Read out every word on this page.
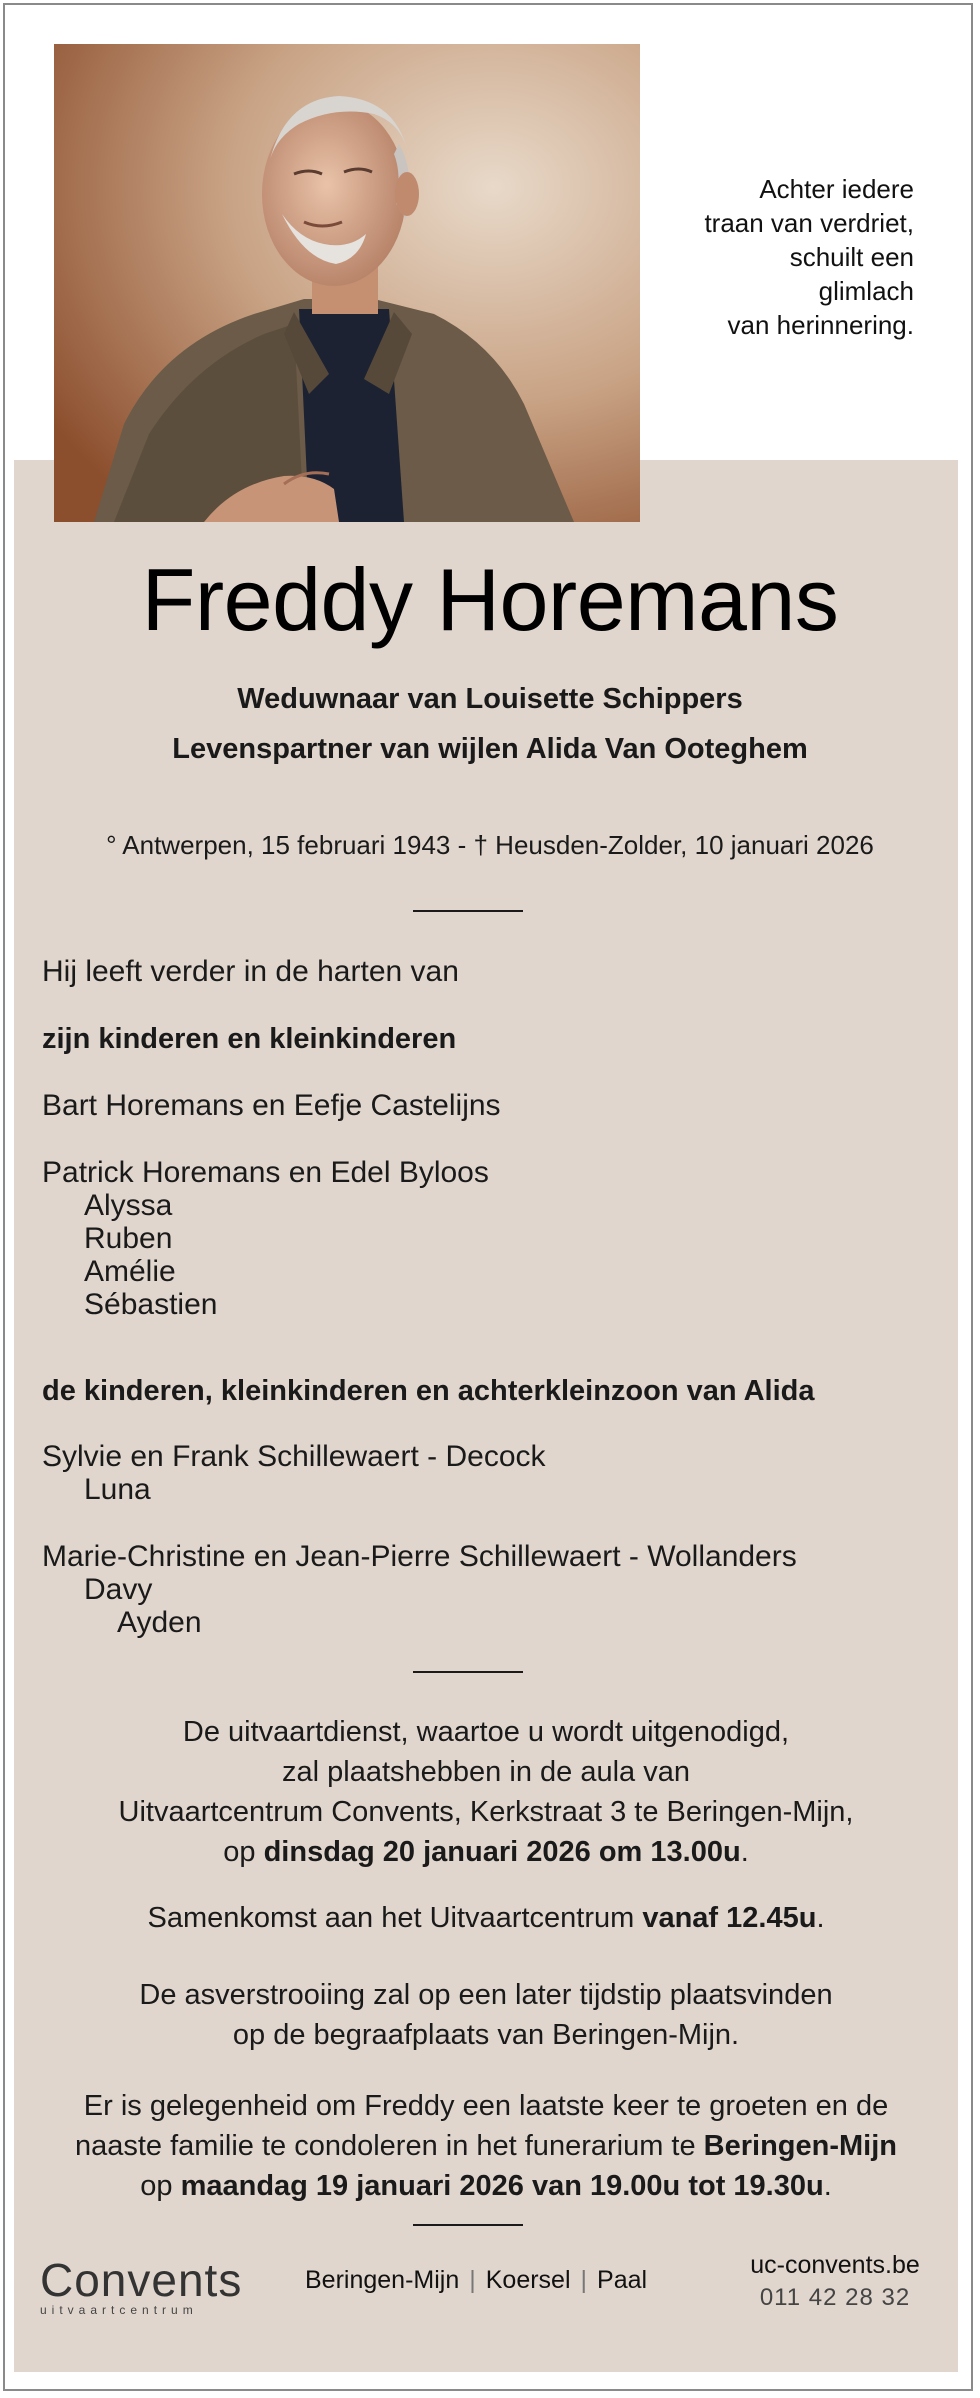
Achter iedere
traan van verdriet,
schuilt een
glimlach
van herinnering.
Freddy Horemans
Weduwnaar van Louisette Schippers
Levenspartner van wijlen Alida Van Ooteghem
° Antwerpen, 15 februari 1943 - † Heusden-Zolder, 10 januari 2026
Hij leeft verder in de harten van
zijn kinderen en kleinkinderen
Bart Horemans en Eefje Castelijns
Patrick Horemans en Edel Byloos
Alyssa
Ruben
Amélie
Sébastien
de kinderen, kleinkinderen en achterkleinzoon van Alida
Sylvie en Frank Schillewaert - Decock
Luna
Marie-Christine en Jean-Pierre Schillewaert - Wollanders
Davy
Ayden
De uitvaartdienst, waartoe u wordt uitgenodigd,
zal plaatshebben in de aula van
Uitvaartcentrum Convents, Kerkstraat 3 te Beringen-Mijn,
op dinsdag 20 januari 2026 om 13.00u.
Samenkomst aan het Uitvaartcentrum vanaf 12.45u.
De asverstrooiing zal op een later tijdstip plaatsvinden
op de begraafplaats van Beringen-Mijn.
Er is gelegenheid om Freddy een laatste keer te groeten en de
naaste familie te condoleren in het funerarium te Beringen-Mijn
op maandag 19 januari 2026 van 19.00u tot 19.30u.
Convents
uitvaartcentrum
Beringen-Mijn | Koersel | Paal
uc-convents.be
011 42 28 32
